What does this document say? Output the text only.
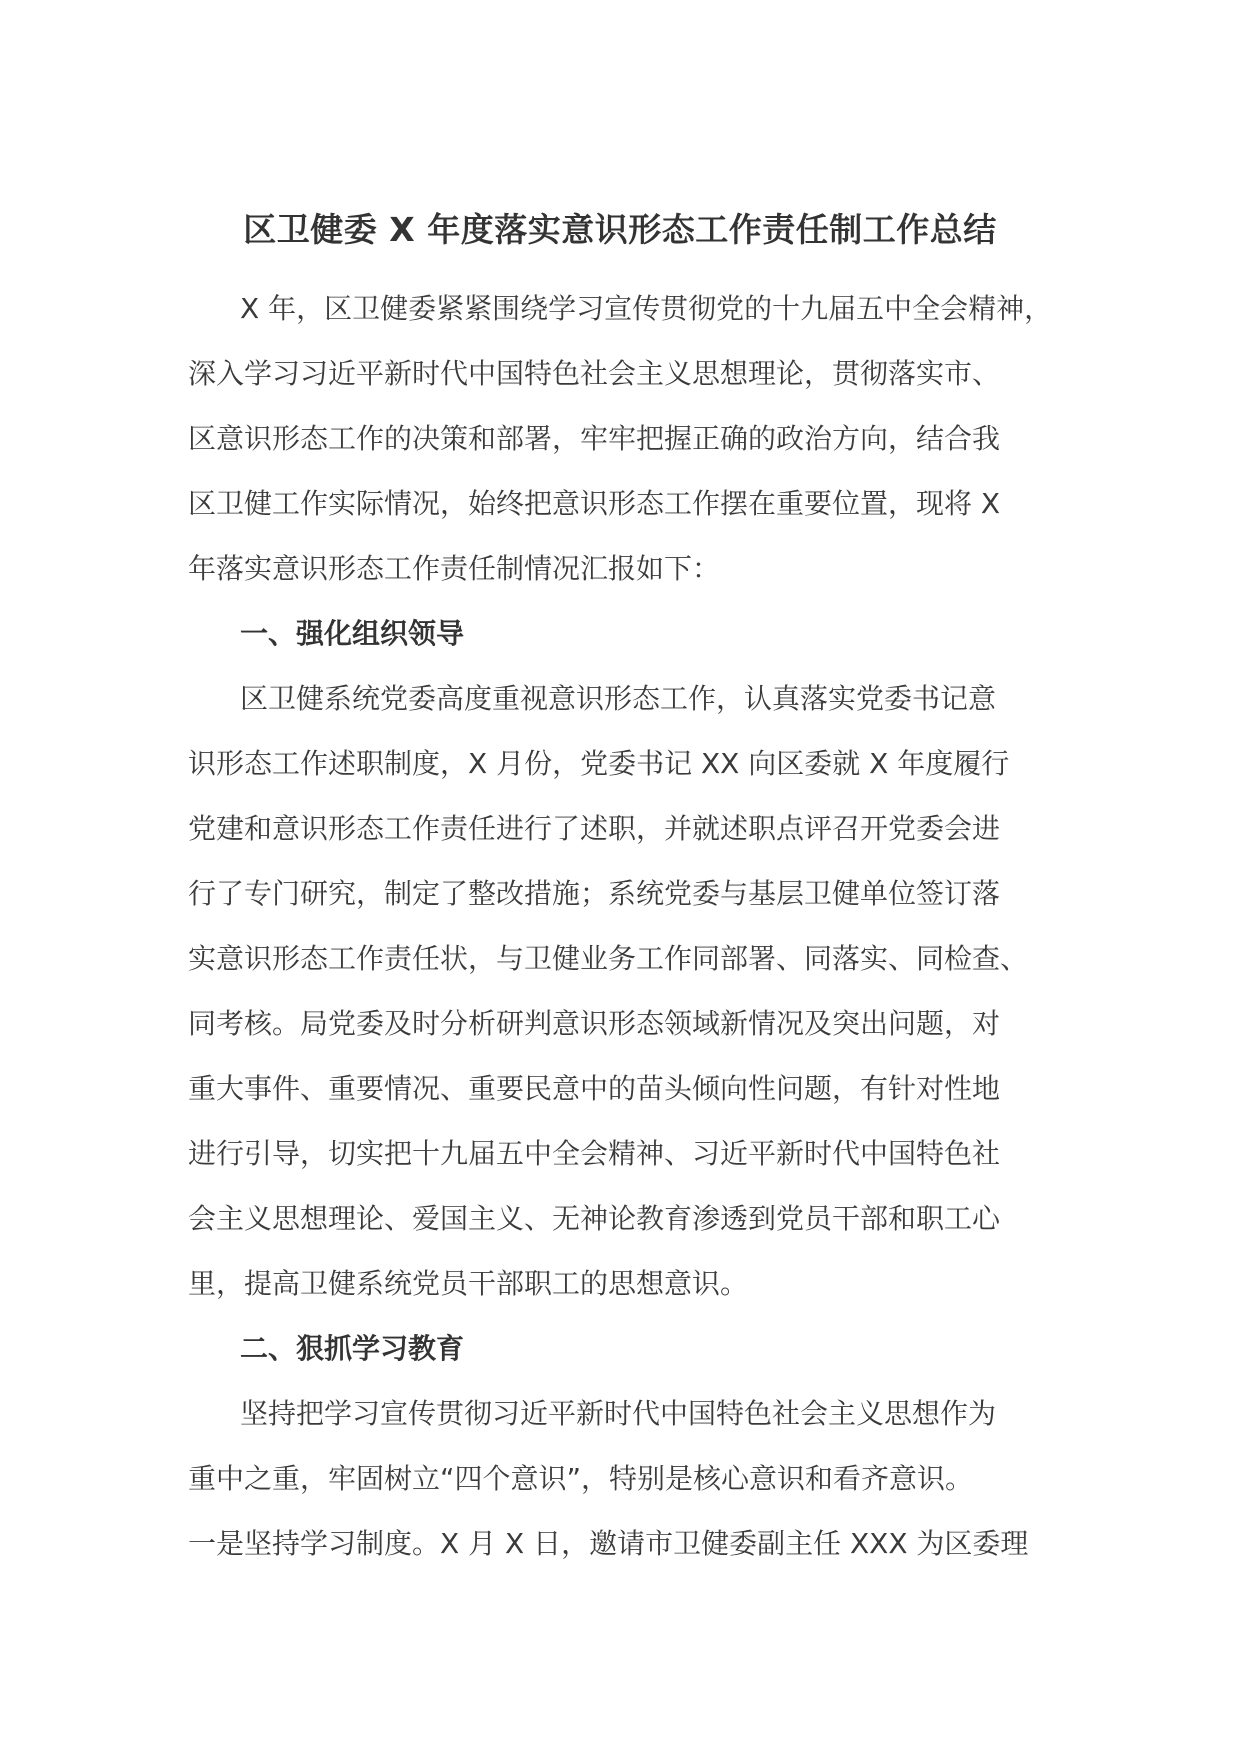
区卫健委 X 年度落实意识形态工作责任制工作总结
X 年，区卫健委紧紧围绕学习宣传贯彻党的十九届五中全会精神，
深入学习习近平新时代中国特色社会主义思想理论，贯彻落实市、
区意识形态工作的决策和部署，牢牢把握正确的政治方向，结合我
区卫健工作实际情况，始终把意识形态工作摆在重要位置，现将 X
年落实意识形态工作责任制情况汇报如下：
一、强化组织领导
区卫健系统党委高度重视意识形态工作，认真落实党委书记意
识形态工作述职制度，X 月份，党委书记 XX 向区委就 X 年度履行
党建和意识形态工作责任进行了述职，并就述职点评召开党委会进
行了专门研究，制定了整改措施；系统党委与基层卫健单位签订落
实意识形态工作责任状，与卫健业务工作同部署、同落实、同检查、
同考核。局党委及时分析研判意识形态领域新情况及突出问题，对
重大事件、重要情况、重要民意中的苗头倾向性问题，有针对性地
进行引导，切实把十九届五中全会精神、习近平新时代中国特色社
会主义思想理论、爱国主义、无神论教育渗透到党员干部和职工心
里，提高卫健系统党员干部职工的思想意识。
二、狠抓学习教育
坚持把学习宣传贯彻习近平新时代中国特色社会主义思想作为
重中之重，牢固树立“四个意识”，特别是核心意识和看齐意识。
一是坚持学习制度。X 月 X 日，邀请市卫健委副主任 XXX 为区委理
